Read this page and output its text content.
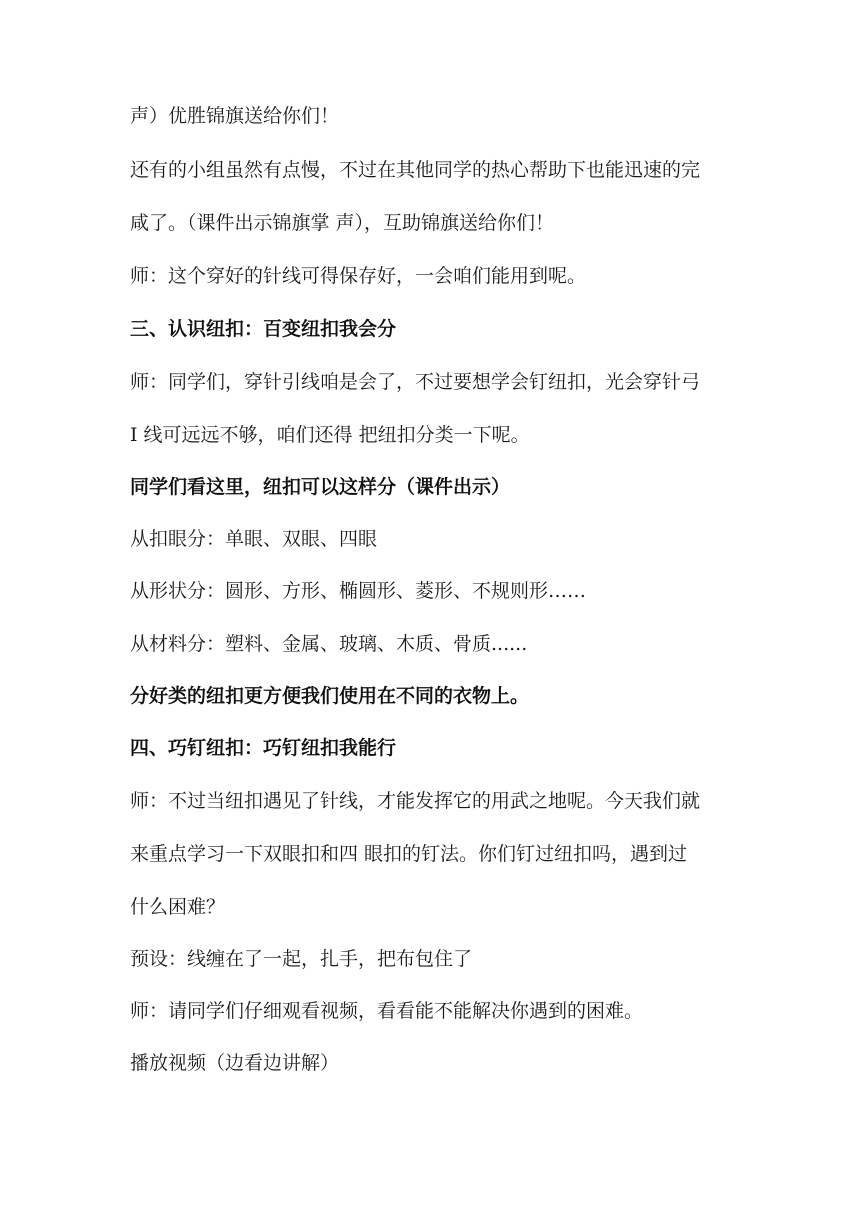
声）优胜锦旗送给你们！

还有的小组虽然有点慢，不过在其他同学的热心帮助下也能迅速的完

咸了。（课件出示锦旗掌 声），互助锦旗送给你们！

师：这个穿好的针线可得保存好，一会咱们能用到呢。

三、认识纽扣：百变纽扣我会分

师：同学们，穿针引线咱是会了，不过要想学会钉纽扣，光会穿针弓

I 线可远远不够，咱们还得 把纽扣分类一下呢。

同学们看这里，纽扣可以这样分（课件出示）

从扣眼分：单眼、双眼、四眼

从形状分：圆形、方形、椭圆形、菱形、不规则形……

从材料分：塑料、金属、玻璃、木质、骨质......

分好类的纽扣更方便我们使用在不同的衣物上。

四、巧钉纽扣：巧钉纽扣我能行

师：不过当纽扣遇见了针线，才能发挥它的用武之地呢。今天我们就

来重点学习一下双眼扣和四 眼扣的钉法。你们钉过纽扣吗，遇到过

什么困难？

预设：线缠在了一起，扎手，把布包住了

师：请同学们仔细观看视频，看看能不能解决你遇到的困难。

播放视频（边看边讲解）
